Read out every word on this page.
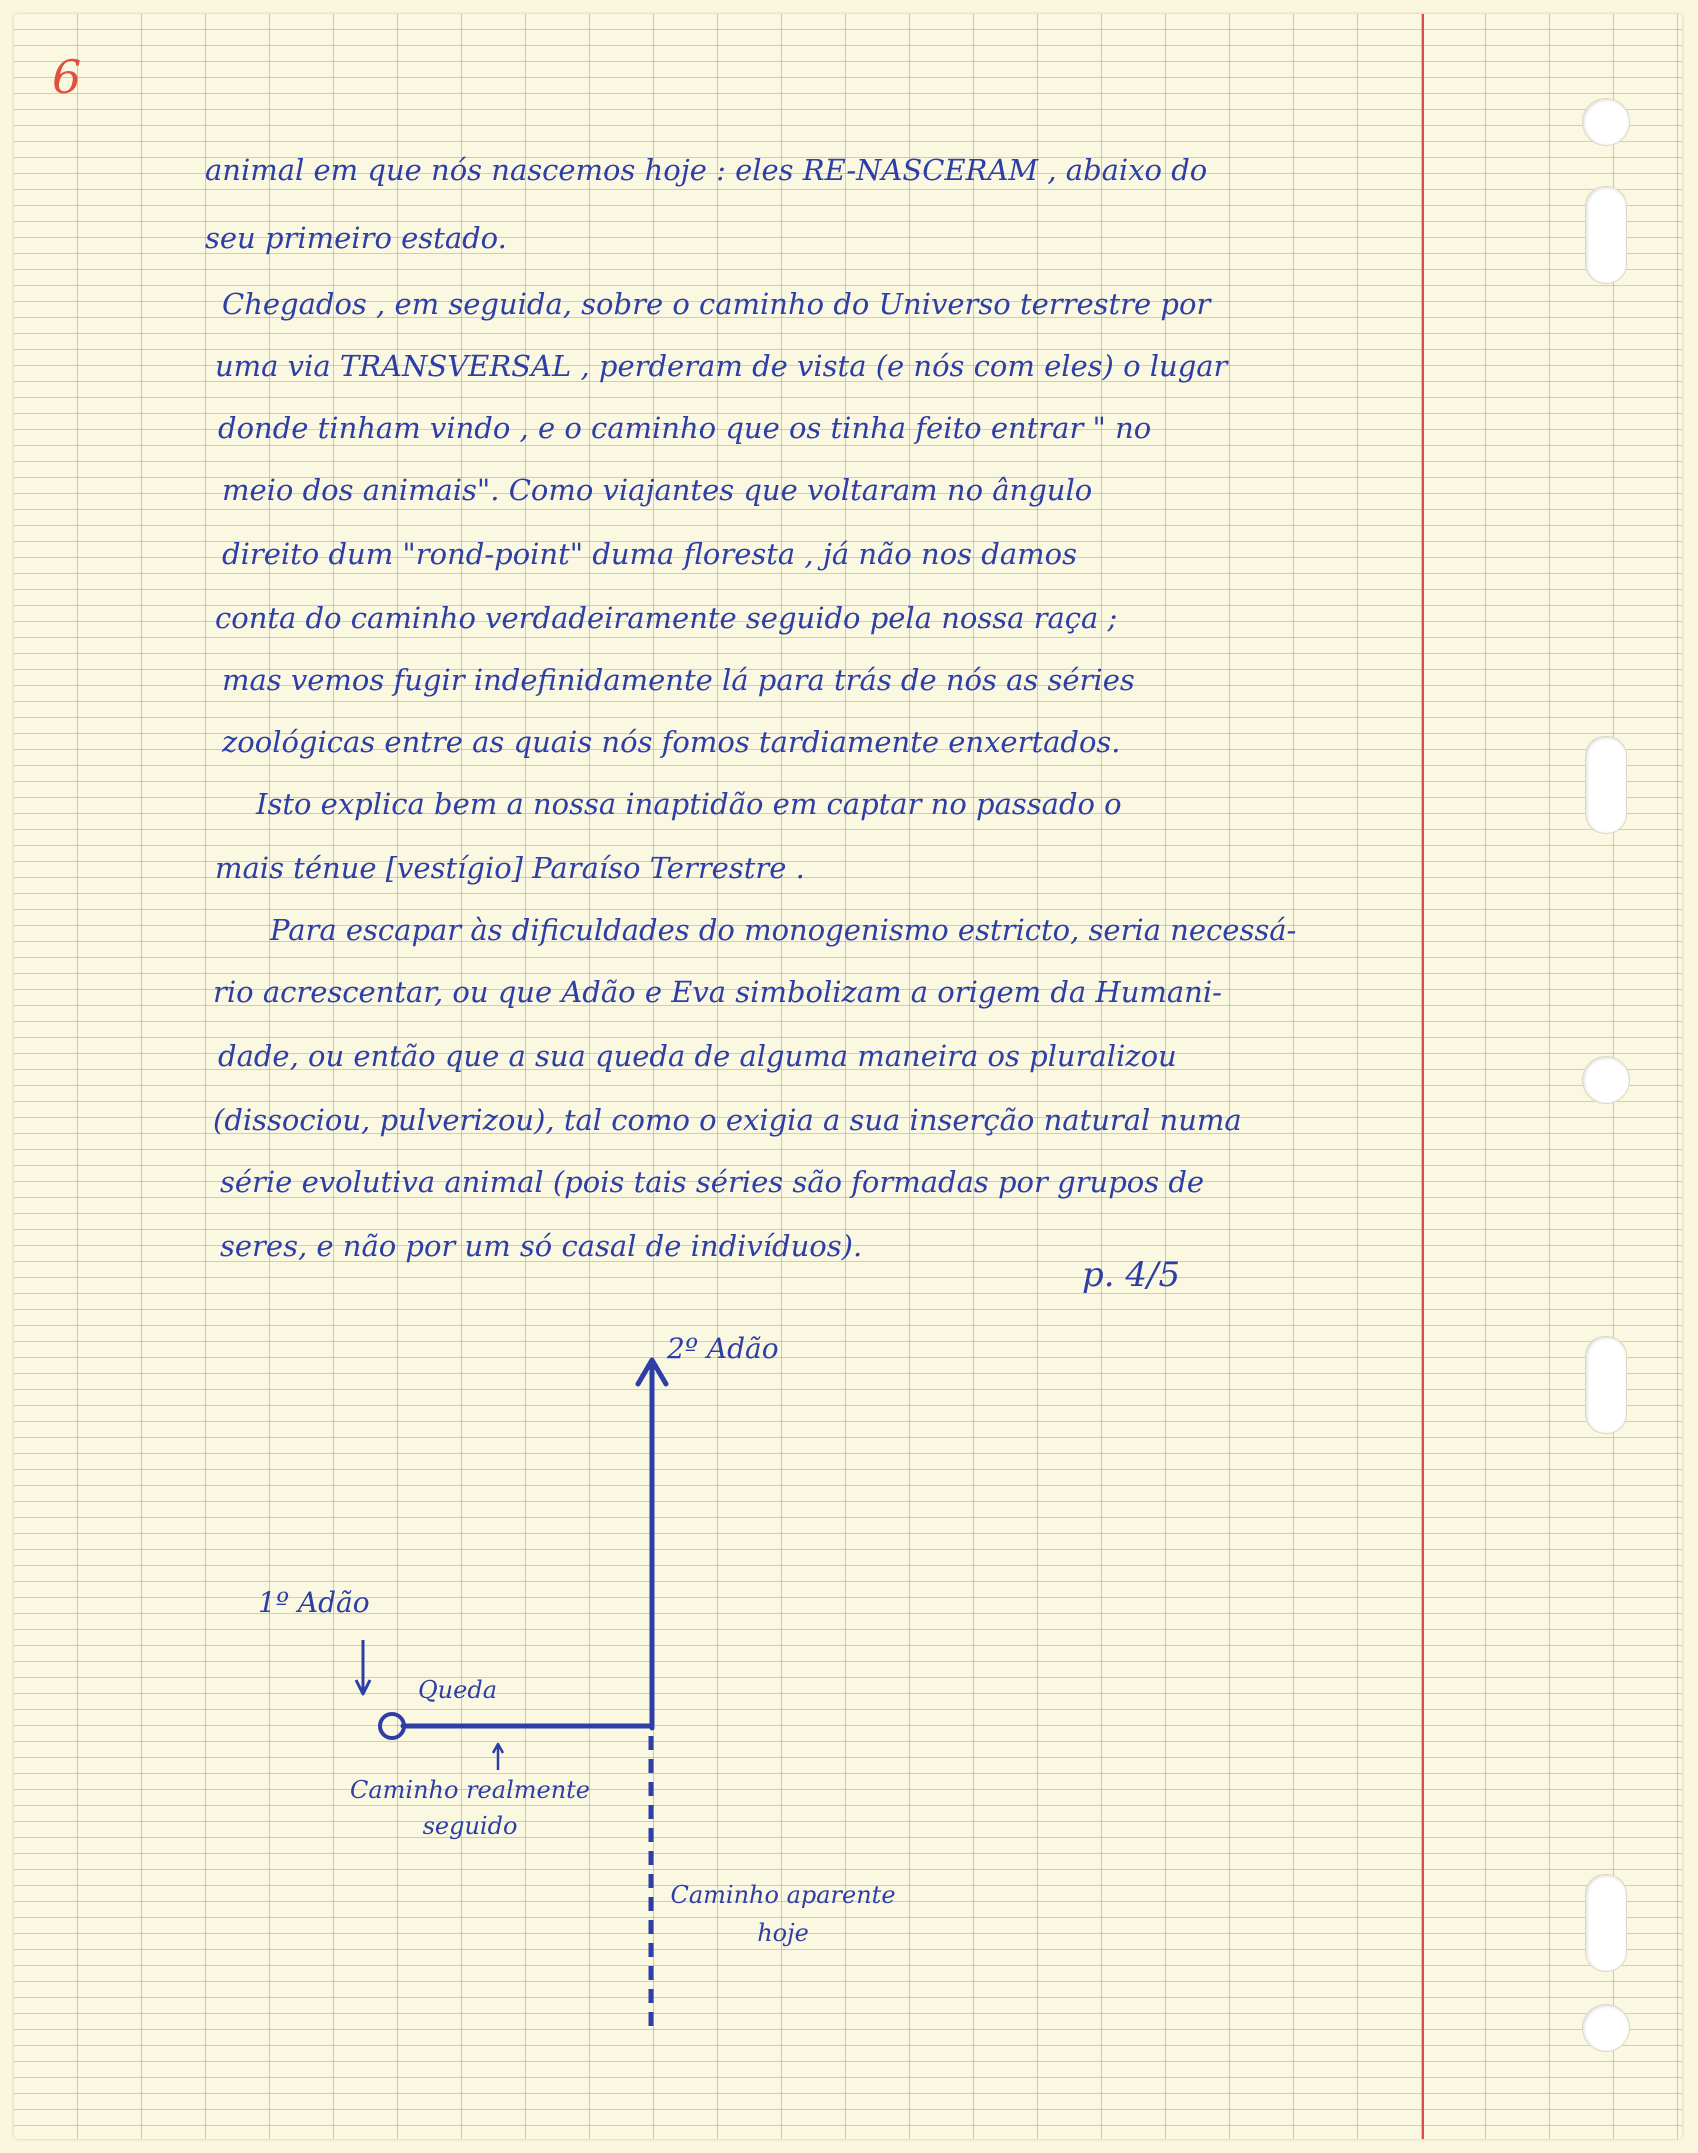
6
animal em que nós nascemos hoje : eles RE-NASCERAM , abaixo do
seu primeiro estado.
Chegados , em seguida, sobre o caminho do Universo terrestre por
uma via TRANSVERSAL , perderam de vista (e nós com eles) o lugar
donde tinham vindo , e o caminho que os tinha feito entrar " no
meio dos animais". Como viajantes que voltaram no ângulo
direito dum "rond-point" duma floresta , já não nos damos
conta do caminho verdadeiramente seguido pela nossa raça ;
mas vemos fugir indefinidamente lá para trás de nós as séries
zoológicas entre as quais nós fomos tardiamente enxertados.
Isto explica bem a nossa inaptidão em captar no passado o
mais ténue [vestígio] Paraíso Terrestre .
Para escapar às dificuldades do monogenismo estricto, seria necessá-
rio acrescentar, ou que Adão e Eva simbolizam a origem da Humani-
dade, ou então que a sua queda de alguma maneira os pluralizou
(dissociou, pulverizou), tal como o exigia a sua inserção natural numa
série evolutiva animal (pois tais séries são formadas por grupos de
seres, e não por um só casal de indivíduos).
p. 4/5
2º Adão
1º Adão
Queda
Caminho realmente seguido
Caminho aparente hoje
